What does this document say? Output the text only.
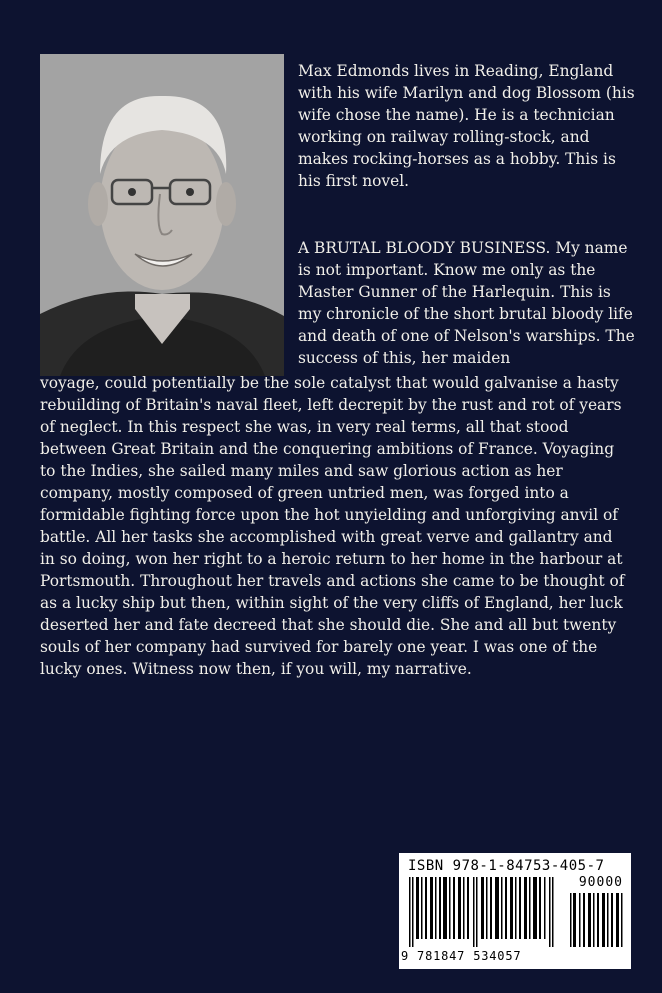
Max Edmonds lives in Reading, England with his wife Marilyn and dog Blossom (his wife chose the name). He is a technician working on railway rolling-stock, and makes rocking-horses as a hobby. This is his first novel.

A BRUTAL BLOODY BUSINESS. My name is not important. Know me only as the Master Gunner of the Harlequin. This is my chronicle of the short brutal bloody life and death of one of Nelson's warships. The success of this, her maiden

voyage, could potentially be the sole catalyst that would galvanise a hasty rebuilding of Britain's naval fleet, left decrepit by the rust and rot of years of neglect. In this respect she was, in very real terms, all that stood between Great Britain and the conquering ambitions of France. Voyaging to the Indies, she sailed many miles and saw glorious action as her company, mostly composed of green untried men, was forged into a formidable fighting force upon the hot unyielding and unforgiving anvil of battle. All her tasks she accomplished with great verve and gallantry and in so doing, won her right to a heroic return to her home in the harbour at Portsmouth. Throughout her travels and actions she came to be thought of as a lucky ship but then, within sight of the very cliffs of England, her luck deserted her and fate decreed that she should die. She and all but twenty souls of her company had survived for barely one year. I was one of the lucky ones. Witness now then, if you will, my narrative.

ISBN 978-1-84753-405-7
90000
9 781847 534057
